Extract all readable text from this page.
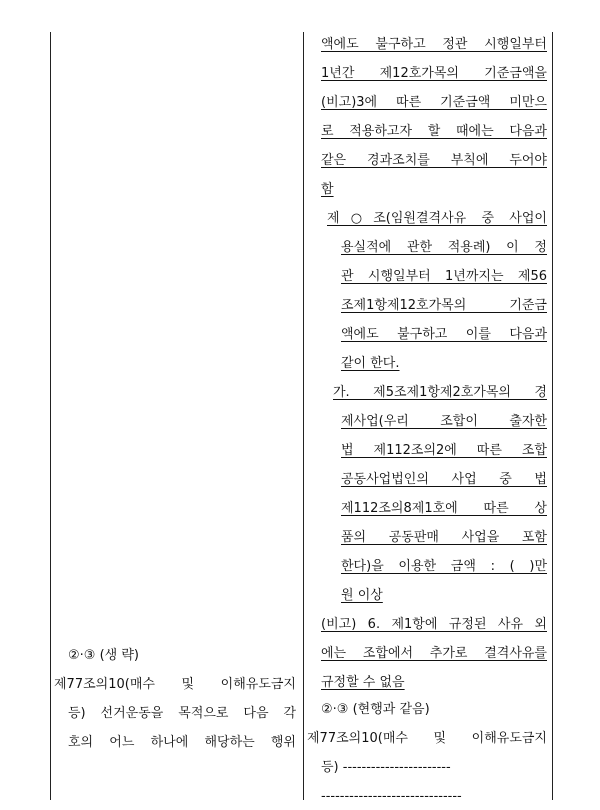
②·③ (생 략)
제77조의10(매수 및 이해유도금지
등) 선거운동을 목적으로 다음 각
호의 어느 하나에 해당하는 행위
액에도 불구하고 정관 시행일부터
1년간 제12호가목의 기준금액을
(비고)3에 따른 기준금액 미만으
로 적용하고자 할 때에는 다음과
같은 경과조치를 부칙에 두어야
함
제○조(임원결격사유 중 사업이
용실적에 관한 적용례) 이 정
관 시행일부터 1년까지는 제56
조제1항제12호가목의 기준금
액에도 불구하고 이를 다음과
같이 한다.
가. 제5조제1항제2호가목의 경
제사업(우리 조합이 출자한
법 제112조의2에 따른 조합
공동사업법인의 사업 중 법
제112조의8제1호에 따른 상
품의 공동판매 사업을 포함
한다)을 이용한 금액 : ( )만
원 이상
(비고) 6. 제1항에 규정된 사유 외
에는 조합에서 추가로 결격사유를
규정할 수 없음
②·③ (현행과 같음)
제77조의10(매수 및 이해유도금지
등) -----------------------
------------------------------
